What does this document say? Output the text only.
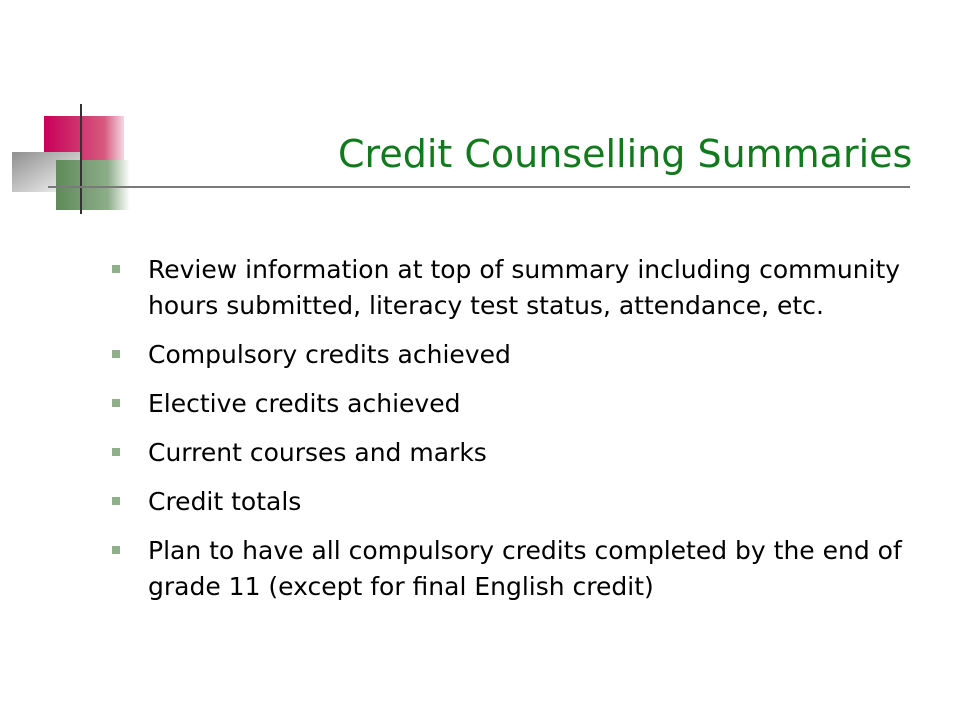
Credit Counselling Summaries
Review information at top of summary including community hours submitted, literacy test status, attendance, etc.
Compulsory credits achieved
Elective credits achieved
Current courses and marks
Credit totals
Plan to have all compulsory credits completed by the end of grade 11 (except for final English credit)
